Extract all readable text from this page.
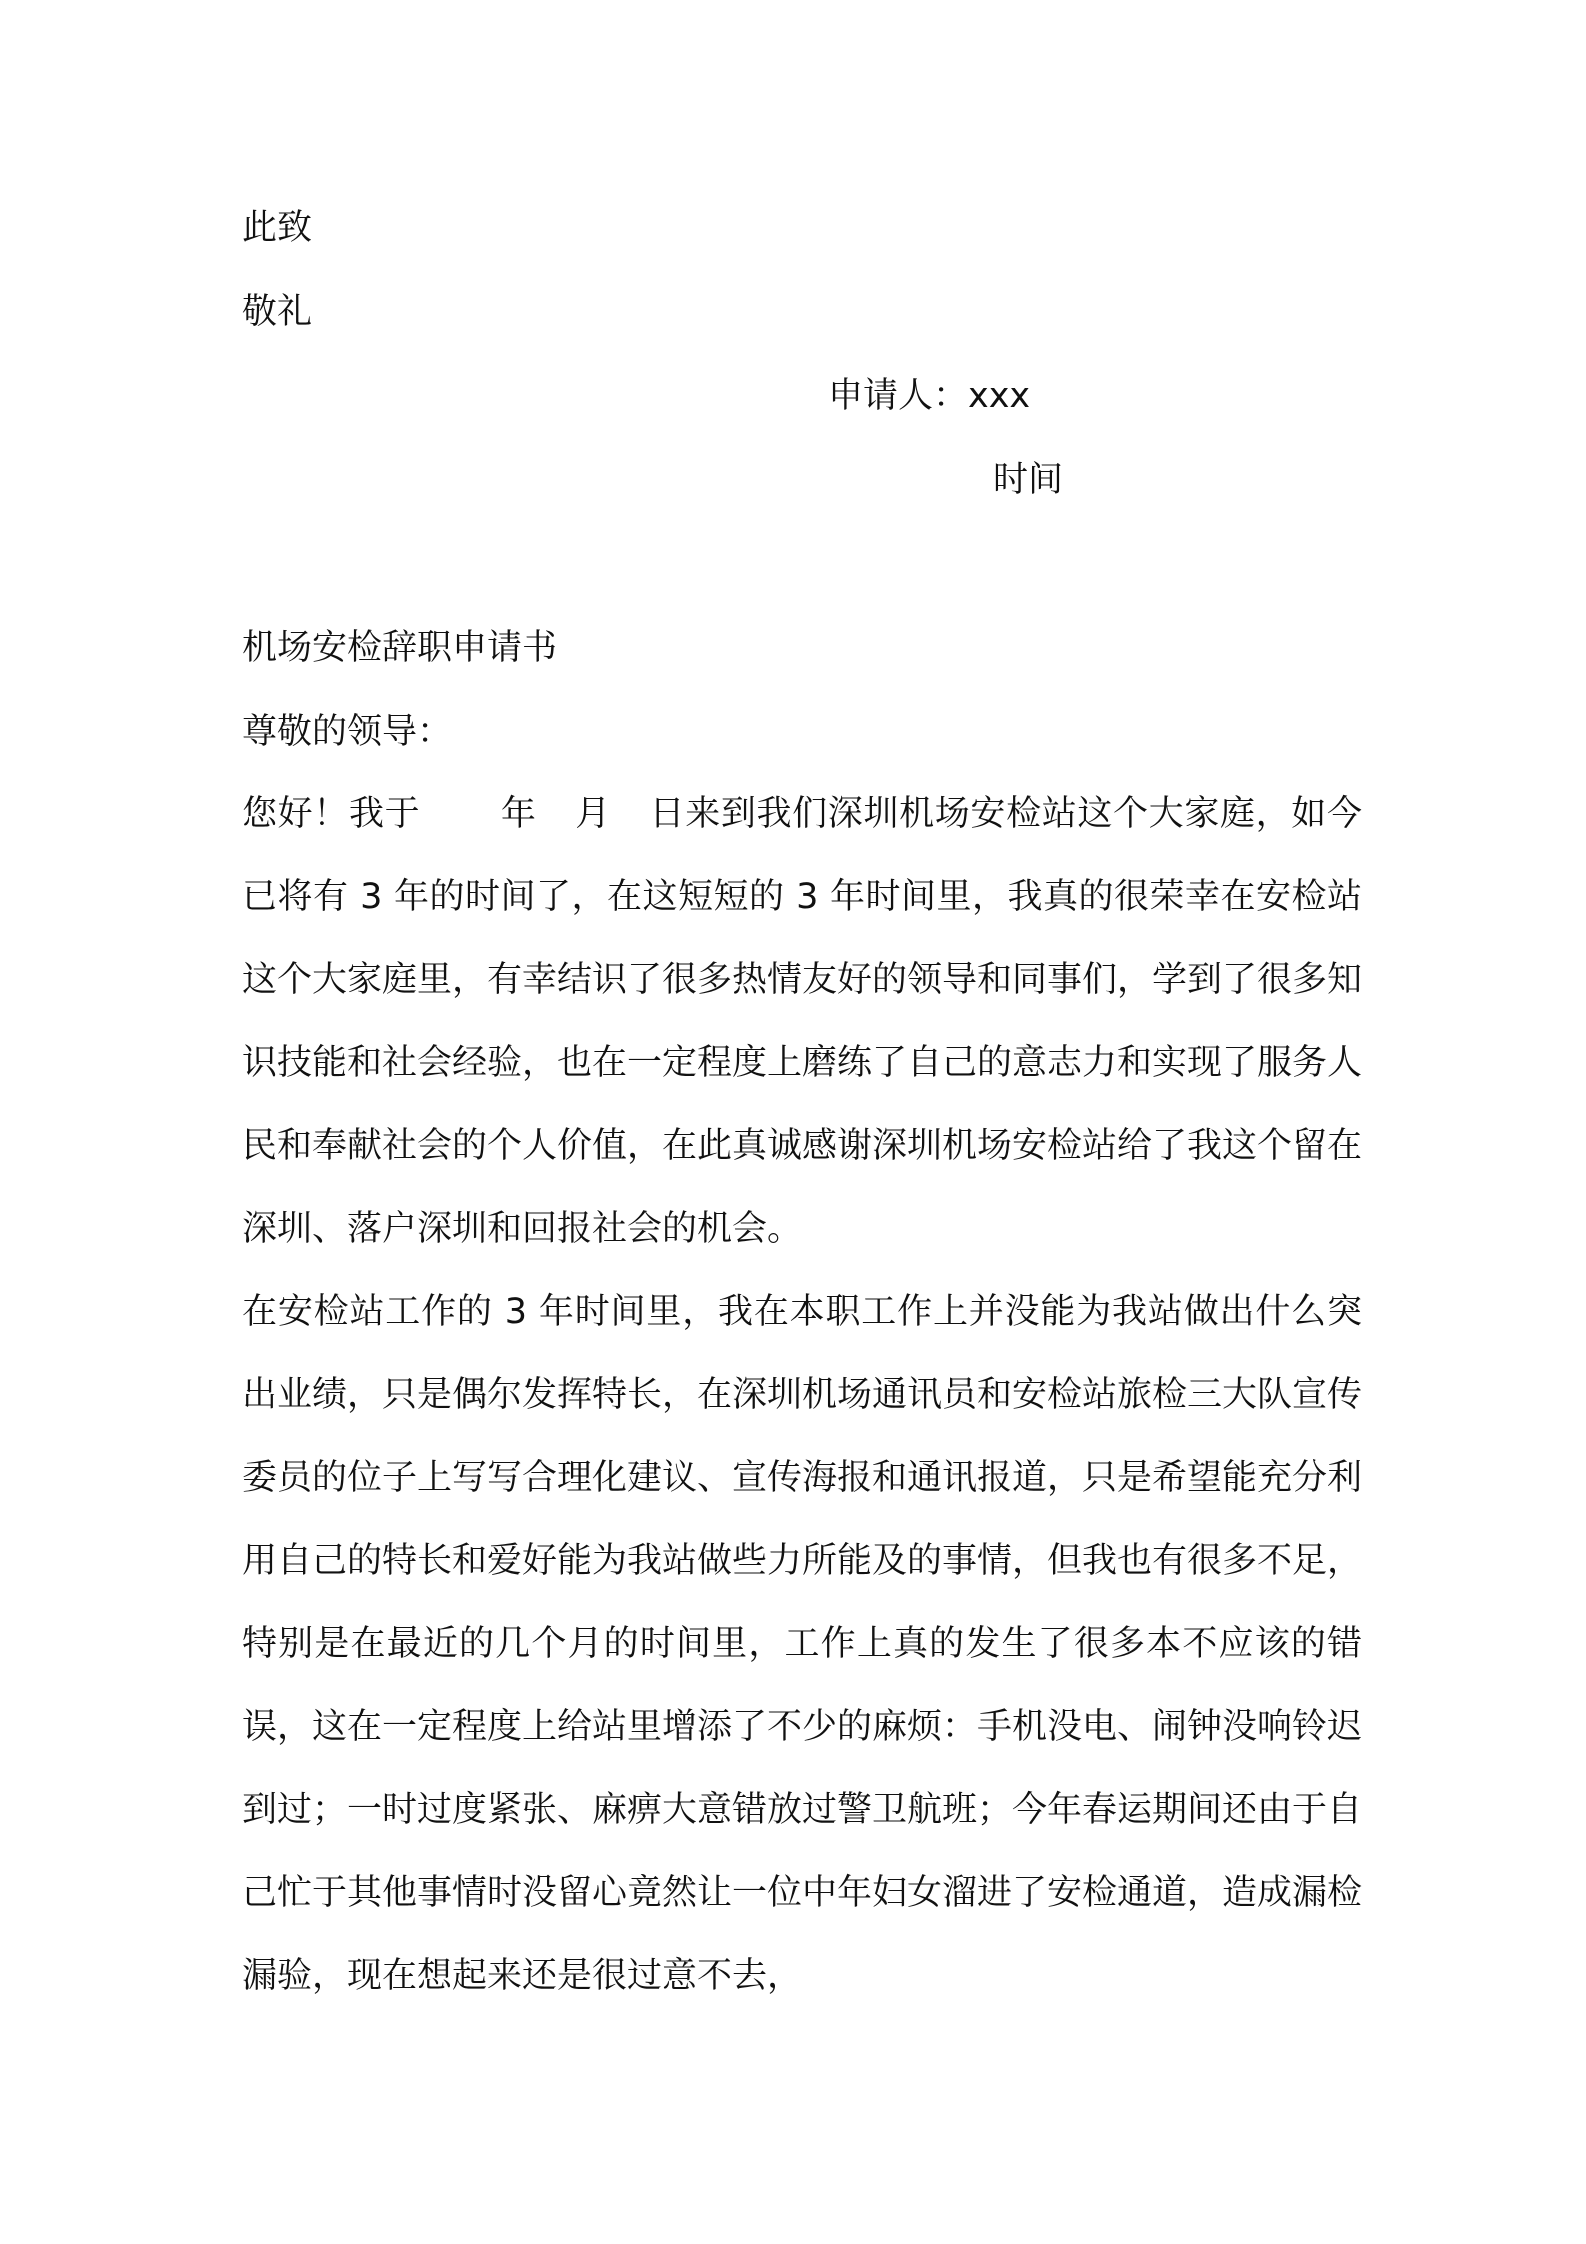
此致
敬礼
申请人：xxx
时间
机场安检辞职申请书
尊敬的领导：

您好！我于 年 月 日来到我们深圳机场安检站这个大家庭，如今已将有 3 年的时间了，在这短短的 3 年时间里，我真的很荣幸在安检站这个大家庭里，有幸结识了很多热情友好的领导和同事们，学到了很多知识技能和社会经验，也在一定程度上磨练了自己的意志力和实现了服务人民和奉献社会的个人价值，在此真诚感谢深圳机场安检站给了我这个留在深圳、落户深圳和回报社会的机会。

在安检站工作的 3 年时间里，我在本职工作上并没能为我站做出什么突出业绩，只是偶尔发挥特长，在深圳机场通讯员和安检站旅检三大队宣传委员的位子上写写合理化建议、宣传海报和通讯报道，只是希望能充分利用自己的特长和爱好能为我站做些力所能及的事情，但我也有很多不足，特别是在最近的几个月的时间里，工作上真的发生了很多本不应该的错误，这在一定程度上给站里增添了不少的麻烦：手机没电、闹钟没响铃迟到过；一时过度紧张、麻痹大意错放过警卫航班；今年春运期间还由于自己忙于其他事情时没留心竟然让一位中年妇女溜进了安检通道，造成漏检漏验，现在想起来还是很过意不去，
